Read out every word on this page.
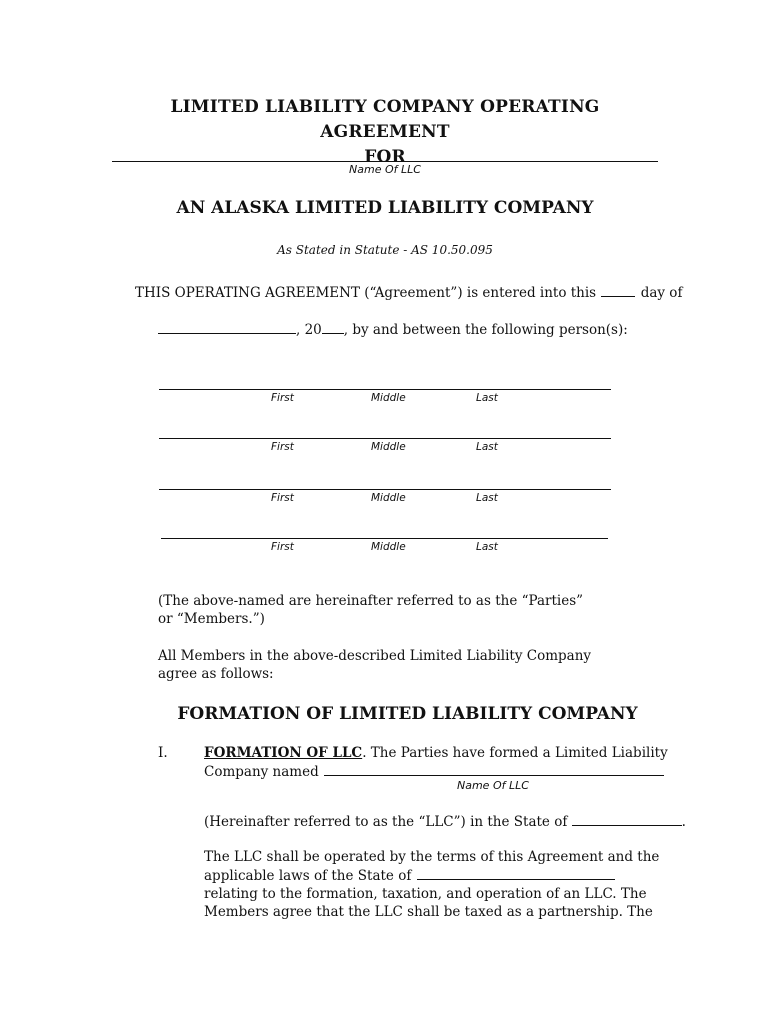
LIMITED LIABILITY COMPANY OPERATING AGREEMENT
FOR
Name Of LLC
AN ALASKA LIMITED LIABILITY COMPANY
As Stated in Statute - AS 10.50.095
THIS OPERATING AGREEMENT (“Agreement”) is entered into this	day of
, 20 , by and between the following person(s):
First	Middle	Last
First	Middle	Last
First	Middle	Last
First	Middle	Last
(The above-named are hereinafter referred to as the “Parties” or “Members.”)
All Members in the above-described Limited Liability Company agree as follows:
FORMATION OF LIMITED LIABILITY COMPANY
I.	FORMATION OF LLC. The Parties have formed a Limited Liability
Company named
Name Of LLC
(Hereinafter referred to as the “LLC”) in the State of	.
The LLC shall be operated by the terms of this Agreement and the
applicable laws of the State of
relating to the formation, taxation, and operation of an LLC. The
Members agree that the LLC shall be taxed as a partnership. The
